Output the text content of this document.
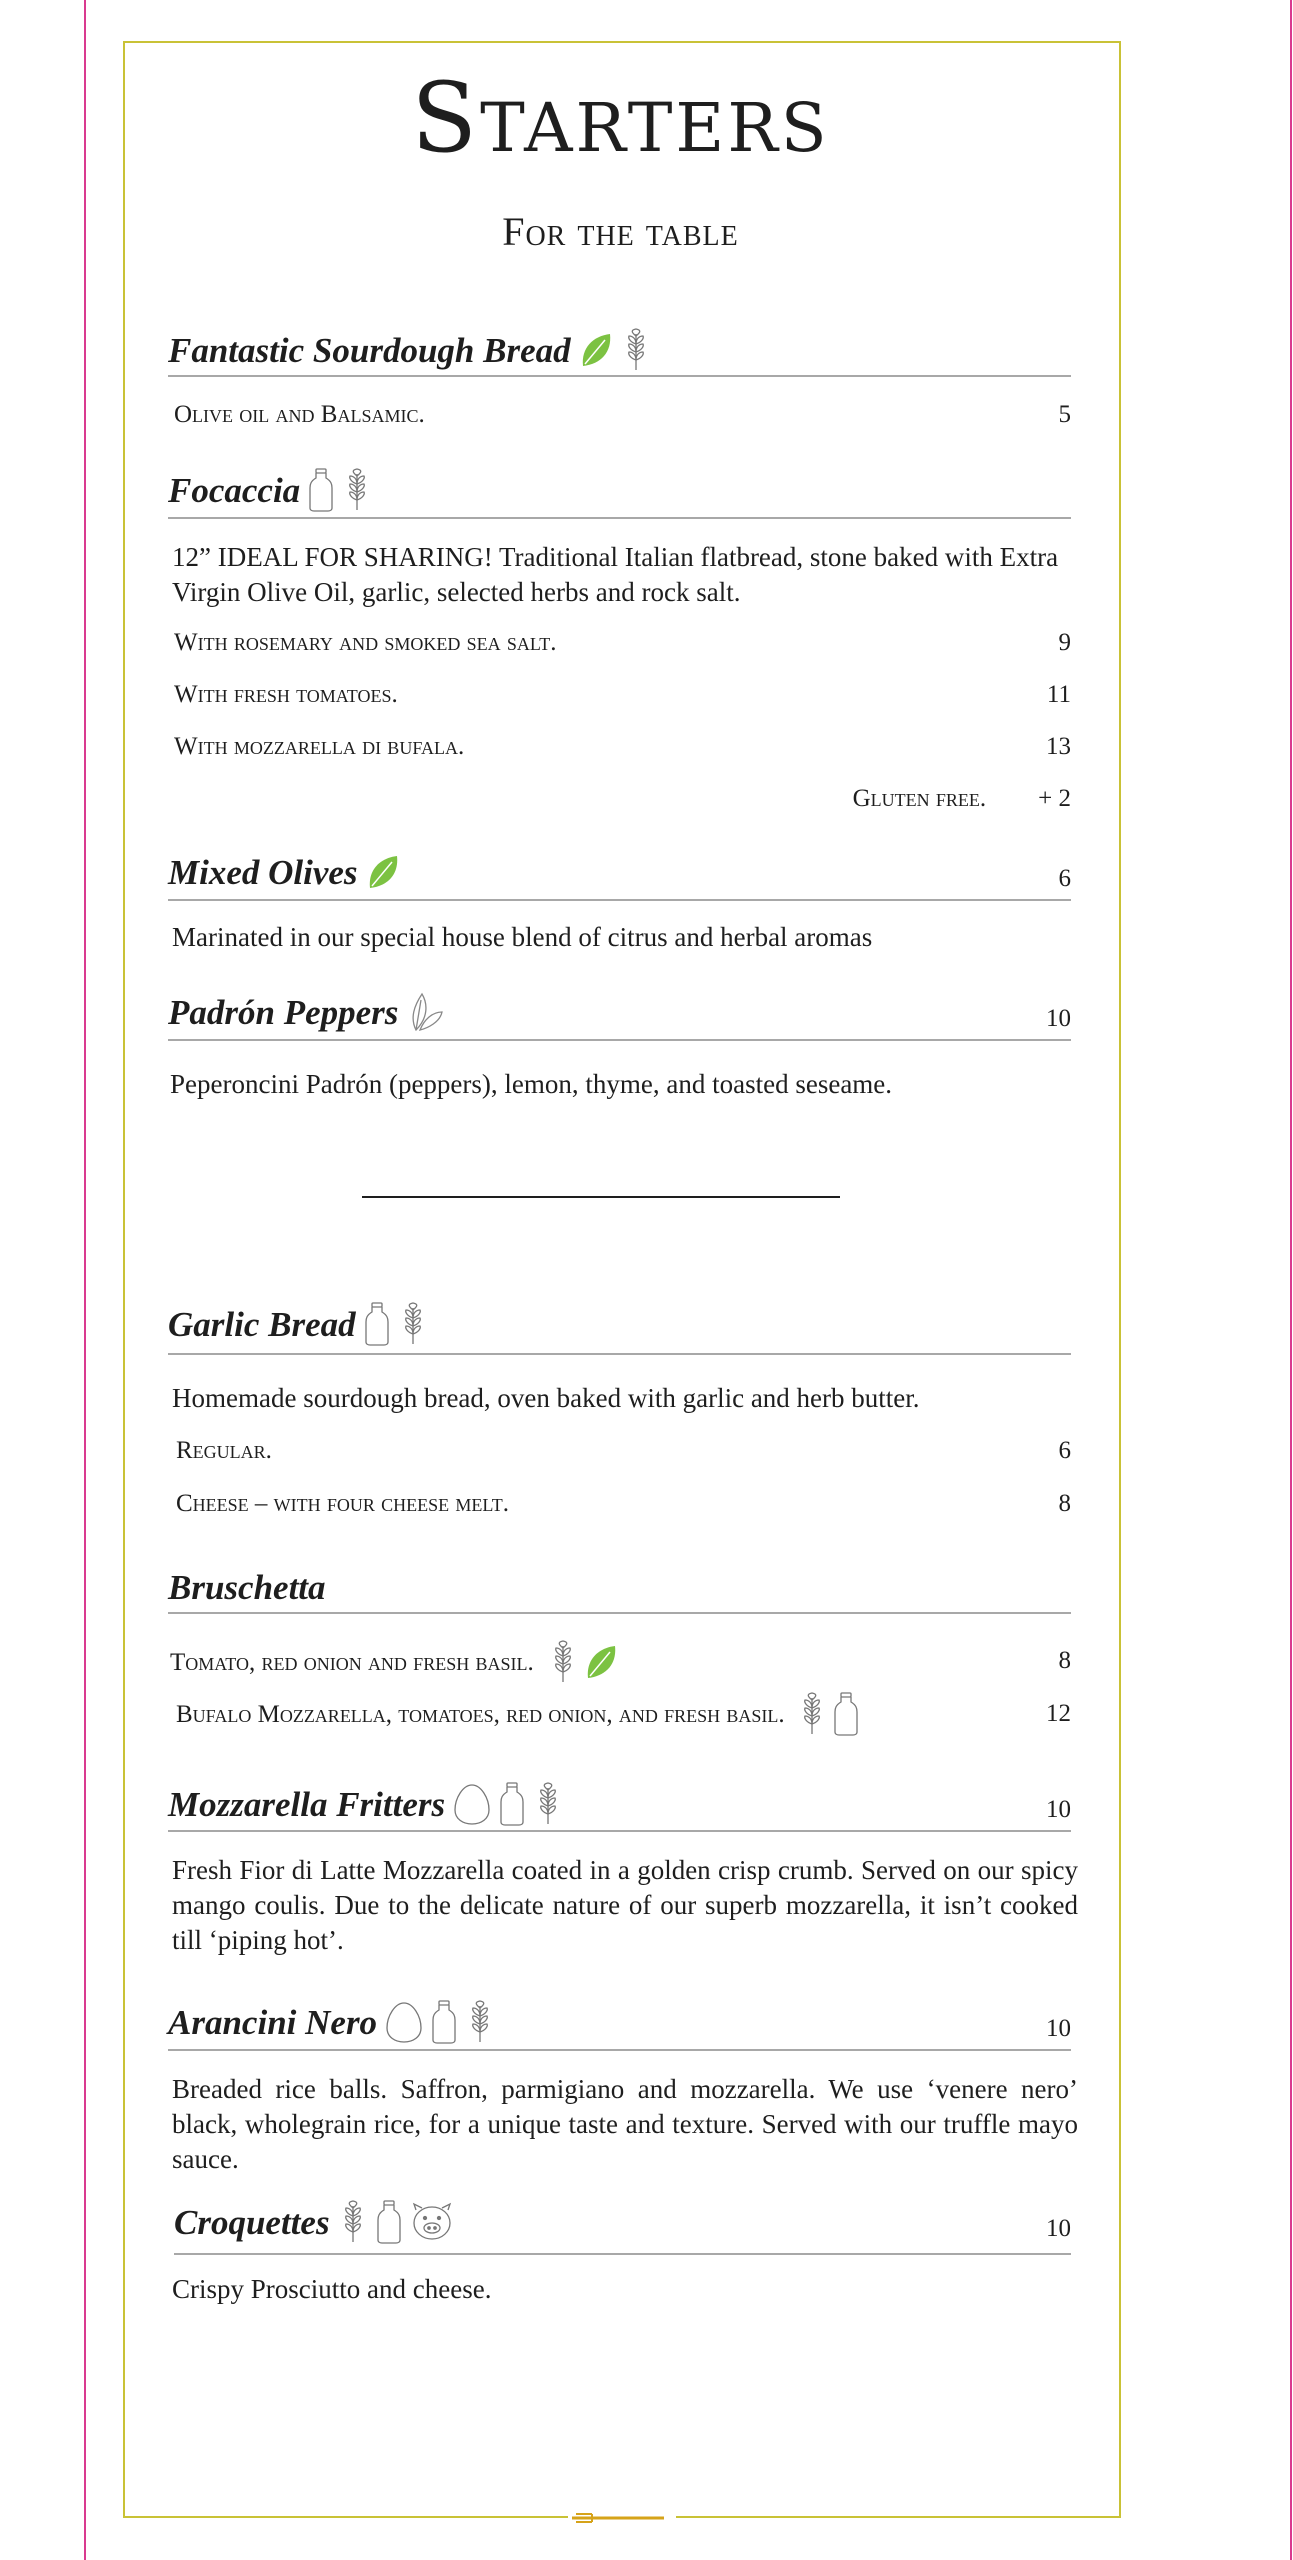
Starters
For the table
Fantastic Sourdough Bread
Olive oil and Balsamic.	5
Focaccia
12” IDEAL FOR SHARING! Traditional Italian flatbread, stone baked with Extra Virgin Olive Oil, garlic, selected herbs and rock salt.
With rosemary and smoked sea salt.	9
With fresh tomatoes.	11
With mozzarella di bufala.	13
Gluten free. + 2
Mixed Olives	6
Marinated in our special house blend of citrus and herbal aromas
Padrón Peppers	10
Peperoncini Padrón (peppers), lemon, thyme, and toasted seseame.
Garlic Bread
Homemade sourdough bread, oven baked with garlic and herb butter.
Regular.	6
Cheese – with four cheese melt.	8
Bruschetta
Tomato, red onion and fresh basil.	8
Bufalo Mozzarella, tomatoes, red onion, and fresh basil.	12
Mozzarella Fritters	10
Fresh Fior di Latte Mozzarella coated in a golden crisp crumb. Served on our spicy mango coulis. Due to the delicate nature of our superb mozzarella, it isn’t cooked till ‘piping hot’.
Arancini Nero	10
Breaded rice balls. Saffron, parmigiano and mozzarella. We use ‘venere nero’ black, wholegrain rice, for a unique taste and texture. Served with our truffle mayo sauce.
Croquettes	10
Crispy Prosciutto and cheese.
